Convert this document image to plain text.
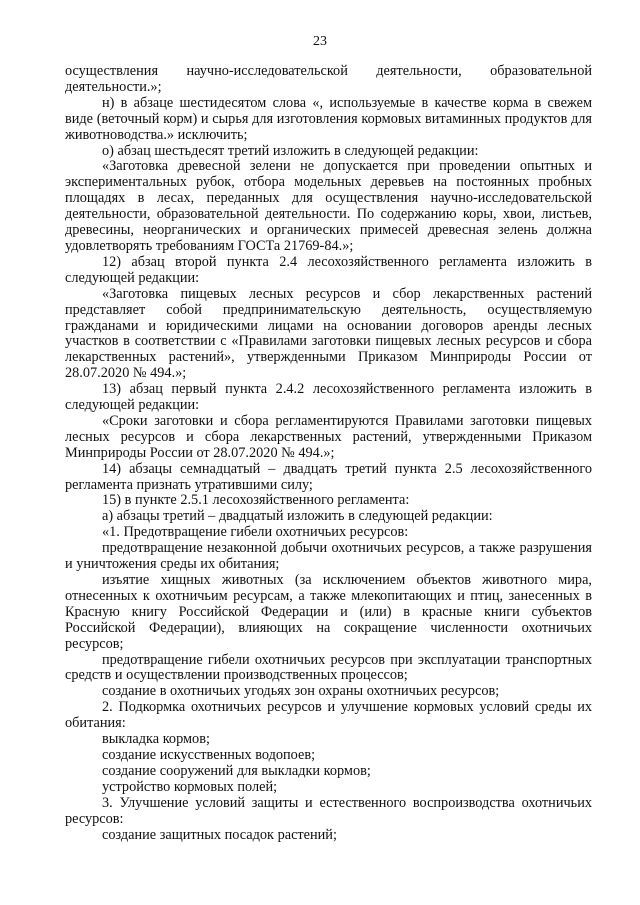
23

осуществления научно-исследовательской деятельности, образовательной деятельности.»;

н) в абзаце шестидесятом слова «, используемые в качестве корма в свежем виде (веточный корм) и сырья для изготовления кормовых витаминных продуктов для животноводства.» исключить;

о) абзац шестьдесят третий изложить в следующей редакции:

«Заготовка древесной зелени не допускается при проведении опытных и экспериментальных рубок, отбора модельных деревьев на постоянных пробных площадях в лесах, переданных для осуществления научно-исследовательской деятельности, образовательной деятельности. По содержанию коры, хвои, листьев, древесины, неорганических и органических примесей древесная зелень должна удовлетворять требованиям ГОСТа 21769-84.»;

12) абзац второй пункта 2.4 лесохозяйственного регламента изложить в следующей редакции:

«Заготовка пищевых лесных ресурсов и сбор лекарственных растений представляет собой предпринимательскую деятельность, осуществляемую гражданами и юридическими лицами на основании договоров аренды лесных участков в соответствии с «Правилами заготовки пищевых лесных ресурсов и сбора лекарственных растений», утвержденными Приказом Минприроды России от 28.07.2020 № 494.»;

13) абзац первый пункта 2.4.2 лесохозяйственного регламента изложить в следующей редакции:

«Сроки заготовки и сбора регламентируются Правилами заготовки пищевых лесных ресурсов и сбора лекарственных растений, утвержденными Приказом Минприроды России от 28.07.2020 № 494.»;

14) абзацы семнадцатый – двадцать третий пункта 2.5 лесохозяйственного регламента признать утратившими силу;

15) в пункте 2.5.1 лесохозяйственного регламента:

а) абзацы третий – двадцатый изложить в следующей редакции:

«1. Предотвращение гибели охотничьих ресурсов:

предотвращение незаконной добычи охотничьих ресурсов, а также разрушения и уничтожения среды их обитания;

изъятие хищных животных (за исключением объектов животного мира, отнесенных к охотничьим ресурсам, а также млекопитающих и птиц, занесенных в Красную книгу Российской Федерации и (или) в красные книги субъектов Российской Федерации), влияющих на сокращение численности охотничьих ресурсов;

предотвращение гибели охотничьих ресурсов при эксплуатации транспортных средств и осуществлении производственных процессов;

создание в охотничьих угодьях зон охраны охотничьих ресурсов;

2. Подкормка охотничьих ресурсов и улучшение кормовых условий среды их обитания:

выкладка кормов;

создание искусственных водопоев;

создание сооружений для выкладки кормов;

устройство кормовых полей;

3. Улучшение условий защиты и естественного воспроизводства охотничьих ресурсов:

создание защитных посадок растений;
